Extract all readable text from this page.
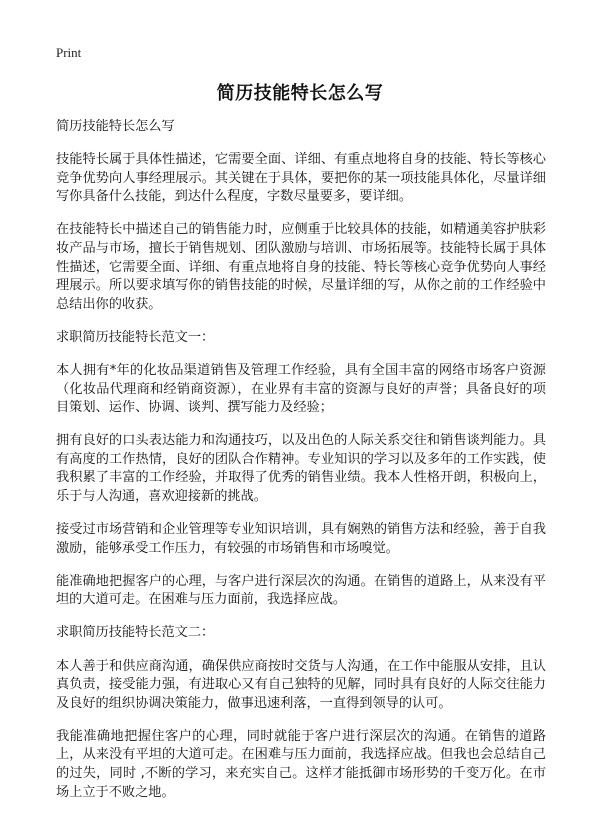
Print
简历技能特长怎么写

简历技能特长怎么写

技能特长属于具体性描述，它需要全面、详细、有重点地将自身的技能、特长等核心竞争优势向人事经理展示。其关键在于具体，要把你的某一项技能具体化，尽量详细写你具备什么技能，到达什么程度，字数尽量要多，要详细。

在技能特长中描述自己的销售能力时，应侧重于比较具体的技能，如精通美容护肤彩妆产品与市场，擅长于销售规划、团队激励与培训、市场拓展等。技能特长属于具体性描述，它需要全面、详细、有重点地将自身的技能、特长等核心竞争优势向人事经理展示。所以要求填写你的销售技能的时候，尽量详细的写，从你之前的工作经验中总结出你的收获。

求职简历技能特长范文一：

本人拥有*年的化妆品渠道销售及管理工作经验，具有全国丰富的网络市场客户资源（化妆品代理商和经销商资源），在业界有丰富的资源与良好的声誉；具备良好的项目策划、运作、协调、谈判、撰写能力及经验；

拥有良好的口头表达能力和沟通技巧，以及出色的人际关系交往和销售谈判能力。具有高度的工作热情，良好的团队合作精神。专业知识的学习以及多年的工作实践，使我积累了丰富的工作经验，并取得了优秀的销售业绩。我本人性格开朗，积极向上，乐于与人沟通，喜欢迎接新的挑战。

接受过市场营销和企业管理等专业知识培训，具有娴熟的销售方法和经验，善于自我激励，能够承受工作压力，有较强的市场销售和市场嗅觉。

能准确地把握客户的心理，与客户进行深层次的沟通。在销售的道路上，从来没有平坦的大道可走。在困难与压力面前，我选择应战。

求职简历技能特长范文二：

本人善于和供应商沟通，确保供应商按时交货与人沟通，在工作中能服从安排，且认真负责，接受能力强，有进取心又有自己独特的见解，同时具有良好的人际交往能力及良好的组织协调决策能力，做事迅速利落，一直得到领导的认可。

我能准确地把握住客户的心理，同时就能于客户进行深层次的沟通。在销售的道路上，从来没有平坦的大道可走。在困难与压力面前，我选择应战。但我也会总结自己的过失，同时 ,不断的学习，来充实自己。这样才能抵御市场形势的千变万化。在市场上立于不败之地。
